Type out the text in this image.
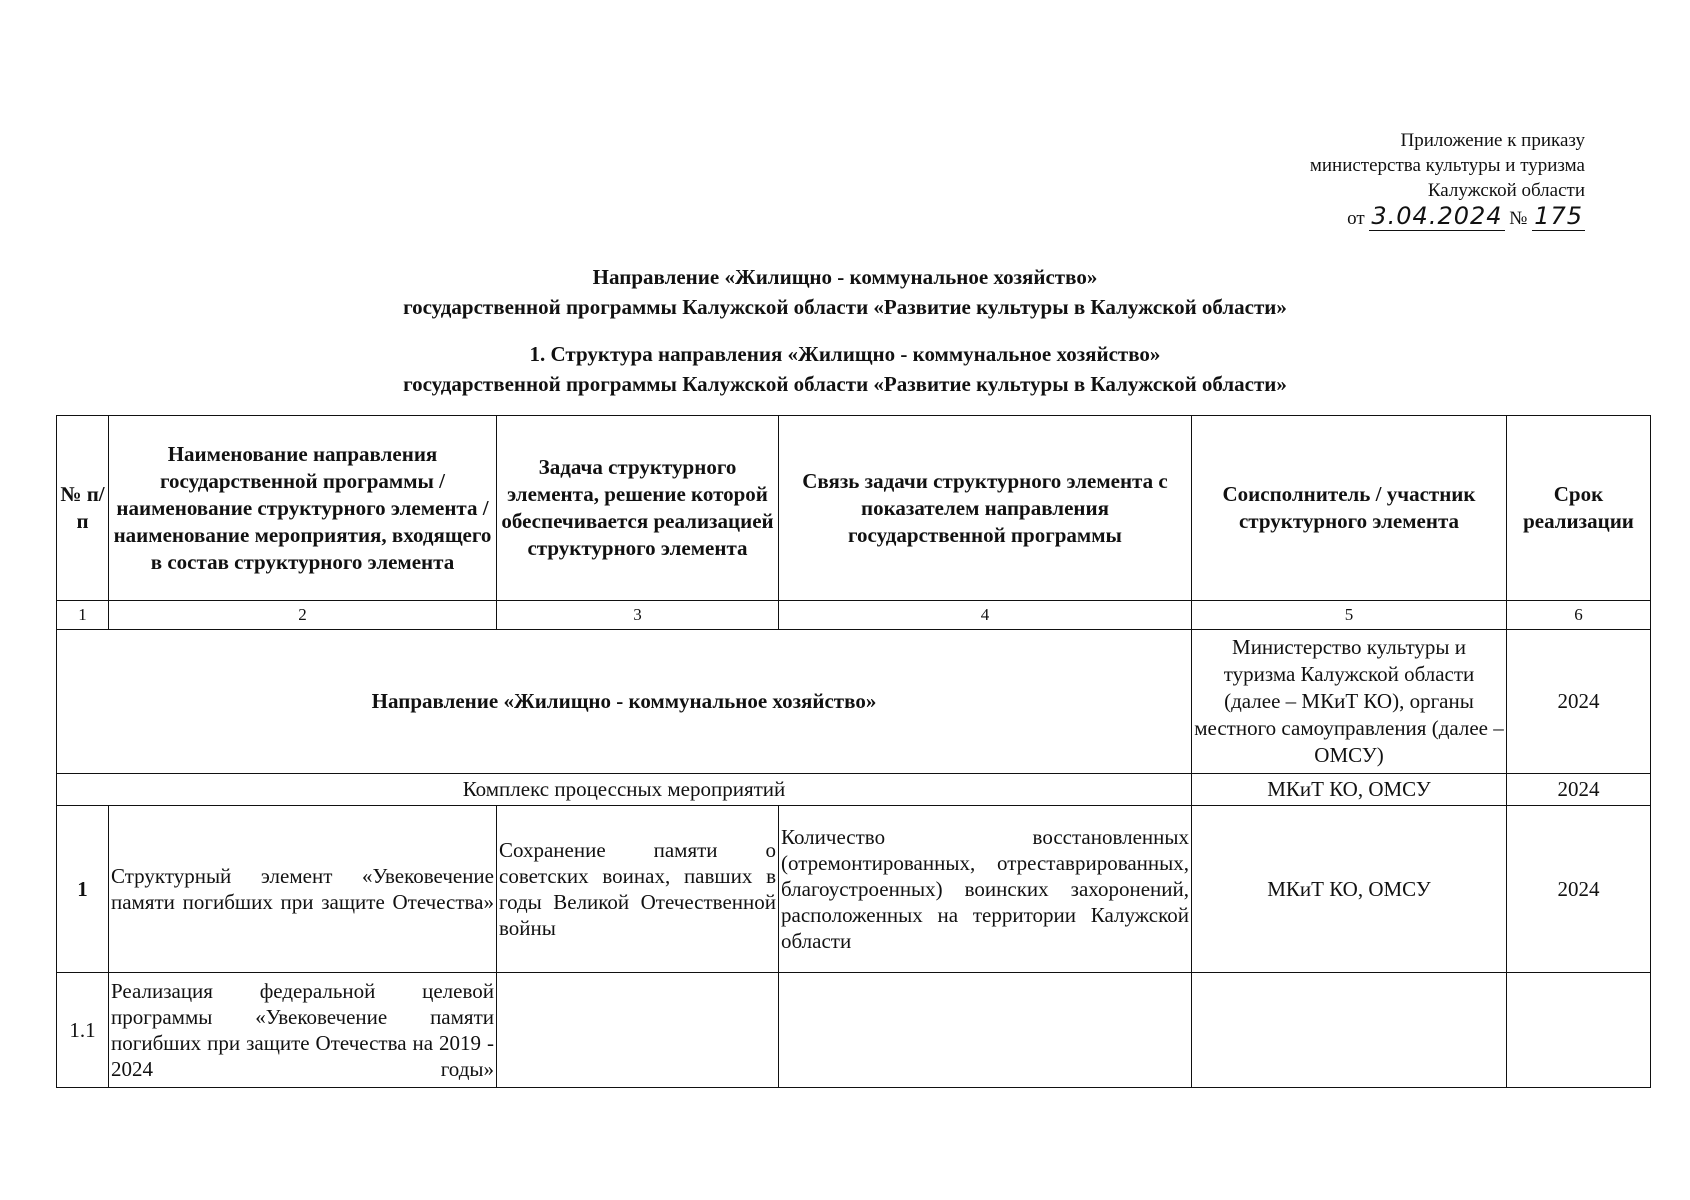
Приложение к приказу
министерства культуры и туризма
Калужской области
от 3.04.2024 № 175
Направление «Жилищно - коммунальное хозяйство»
государственной программы Калужской области «Развитие культуры в Калужской области»
1. Структура направления «Жилищно - коммунальное хозяйство»
государственной программы Калужской области «Развитие культуры в Калужской области»
№ п/п	Наименование направления государственной программы / наименование структурного элемента / наименование мероприятия, входящего в состав структурного элемента	Задача структурного элемента, решение которой обеспечивается реализацией структурного элемента	Связь задачи структурного элемента с показателем направления государственной программы	Соисполнитель / участник структурного элемента	Срок реализации
1	2	3	4	5	6
Направление «Жилищно - коммунальное хозяйство»				Министерство культуры и туризма Калужской области (далее – МКиТ КО), органы местного самоуправления (далее – ОМСУ)	2024
Комплекс процессных мероприятий				МКиТ КО, ОМСУ	2024
1	Структурный элемент «Увековечение памяти погибших при защите Отечества»	Сохранение памяти о советских воинах, павших в годы Великой Отечественной войны	Количество восстановленных (отремонтированных, отреставрированных, благоустроенных) воинских захоронений, расположенных на территории Калужской области	МКиТ КО, ОМСУ	2024
1.1	Реализация федеральной целевой программы «Увековечение памяти погибших при защите Отечества на 2019 - 2024 годы»				
